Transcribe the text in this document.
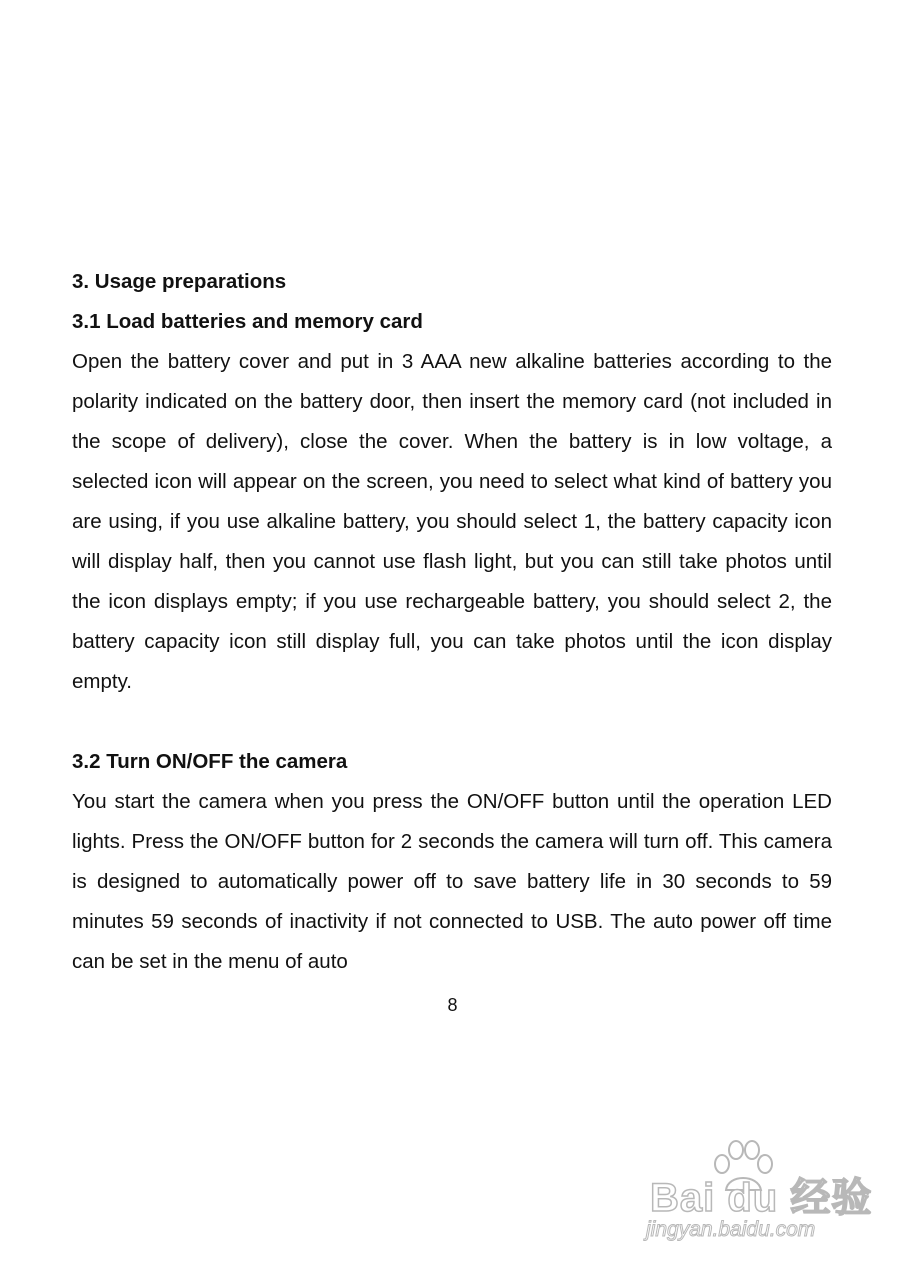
3. Usage preparations
3.1 Load batteries and memory card

Open the battery cover and put in 3 AAA new alkaline batteries according to the polarity indicated on the battery door, then insert the memory card (not included in the scope of delivery), close the cover. When the battery is in low voltage, a selected icon will appear on the screen, you need to select what kind of battery you are using, if you use alkaline battery, you should select 1, the battery capacity icon will display half, then you cannot use flash light, but you can still take photos until the icon displays empty; if you use rechargeable battery, you should select 2, the battery capacity icon still display full, you can take photos until the icon display empty.

3.2 Turn ON/OFF the camera

You start the camera when you press the ON/OFF button until the operation LED lights. Press the ON/OFF button for 2 seconds the camera will turn off. This camera is designed to automatically power off to save battery life in 30 seconds to 59 minutes 59 seconds of inactivity if not connected to USB. The auto power off time can be set in the menu of auto

8
Bai du 经验
jingyan.baidu.com
